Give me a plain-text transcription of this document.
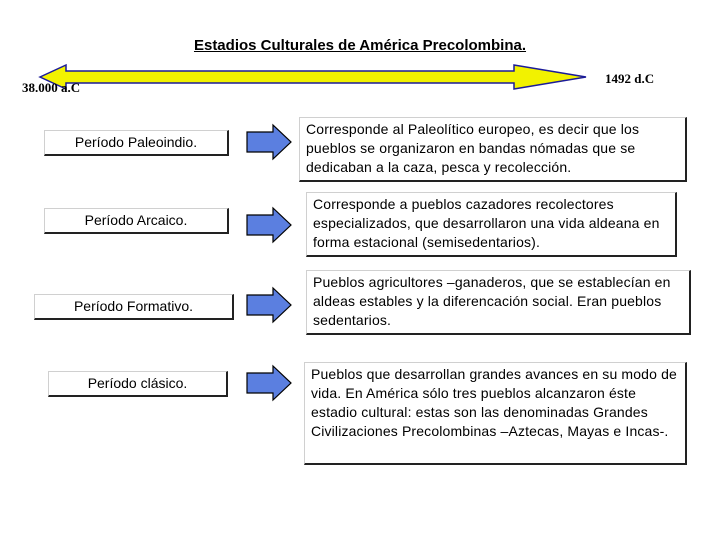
Estadios Culturales de América Precolombina.
38.000 a.C
1492 d.C
Período Paleoindio.
Corresponde al Paleolítico europeo, es decir que los pueblos se organizaron en bandas nómadas que se dedicaban a la caza, pesca y recolección.
Período Arcaico.
Corresponde a pueblos cazadores recolectores especializados, que desarrollaron una vida aldeana en forma estacional (semisedentarios).
Período Formativo.
Pueblos agricultores –ganaderos, que se establecían en aldeas estables y la diferencación social. Eran pueblos sedentarios.
Período clásico.
Pueblos que desarrollan grandes avances en su modo de vida. En América sólo tres pueblos alcanzaron éste estadio cultural: estas son las denominadas Grandes Civilizaciones Precolombinas –Aztecas, Mayas e Incas-.
